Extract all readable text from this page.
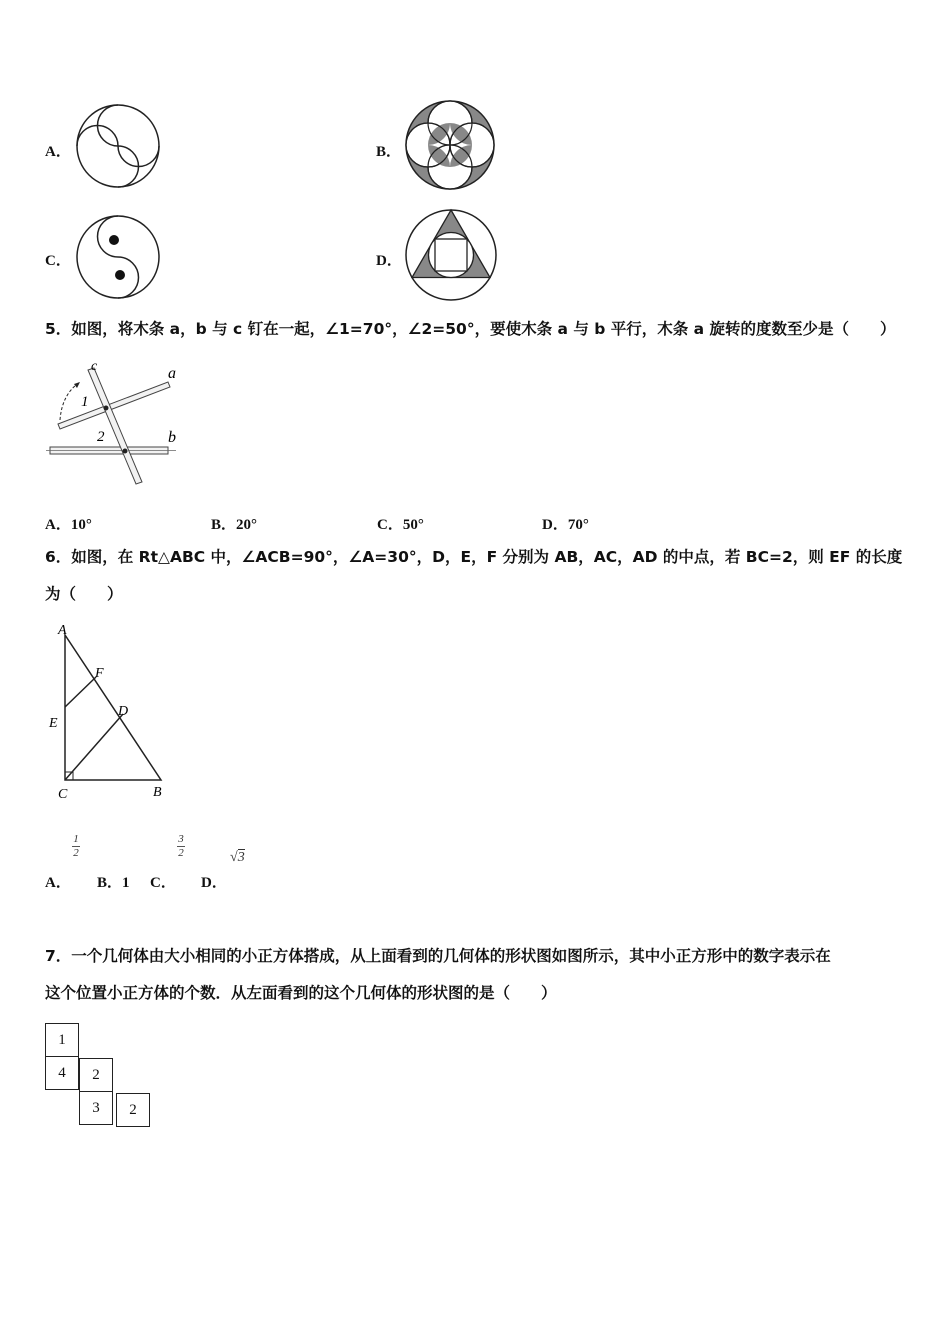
A．	B．
C．	D．
5．如图，将木条 a，b 与 c 钉在一起，∠1=70°，∠2=50°，要使木条 a 与 b 平行，木条 a 旋转的度数至少是（　　）
c	a
b
1
2
A．10°	B．20°	C．50°	D．70°
6．如图，在 Rt△ABC 中，∠ACB=90°，∠A=30°，D，E，F 分别为 AB，AC，AD 的中点，若 BC=2，则 EF 的长度
为（　　）
A
F
E
D
C	B
1
2
3
2	√3
A． B．1 C． D．
7．一个几何体由大小相同的小正方体搭成，从上面看到的几何体的形状图如图所示，其中小正方形中的数字表示在
这个位置小正方体的个数．从左面看到的这个几何体的形状图的是（　　）
1
4	2
3	2
